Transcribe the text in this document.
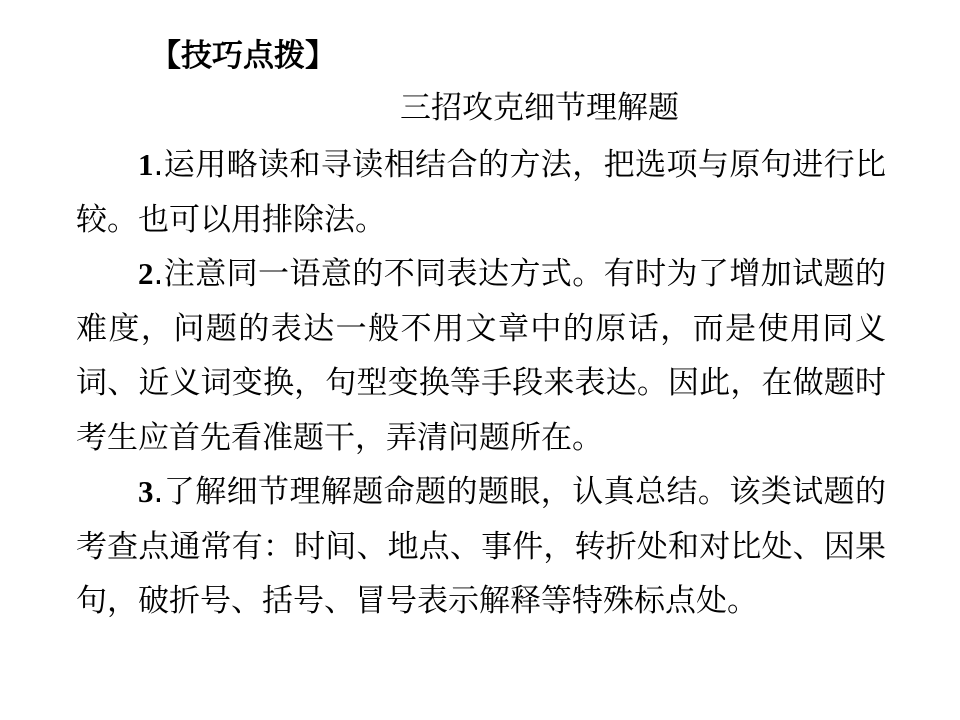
【技巧点拨】
三招攻克细节理解题

1.运用略读和寻读相结合的方法，把选项与原句进行比较。也可以用排除法。

2.注意同一语意的不同表达方式。有时为了增加试题的难度，问题的表达一般不用文章中的原话，而是使用同义词、近义词变换，句型变换等手段来表达。因此，在做题时考生应首先看准题干，弄清问题所在。

3.了解细节理解题命题的题眼，认真总结。该类试题的考查点通常有：时间、地点、事件，转折处和对比处、因果句，破折号、括号、冒号表示解释等特殊标点处。
